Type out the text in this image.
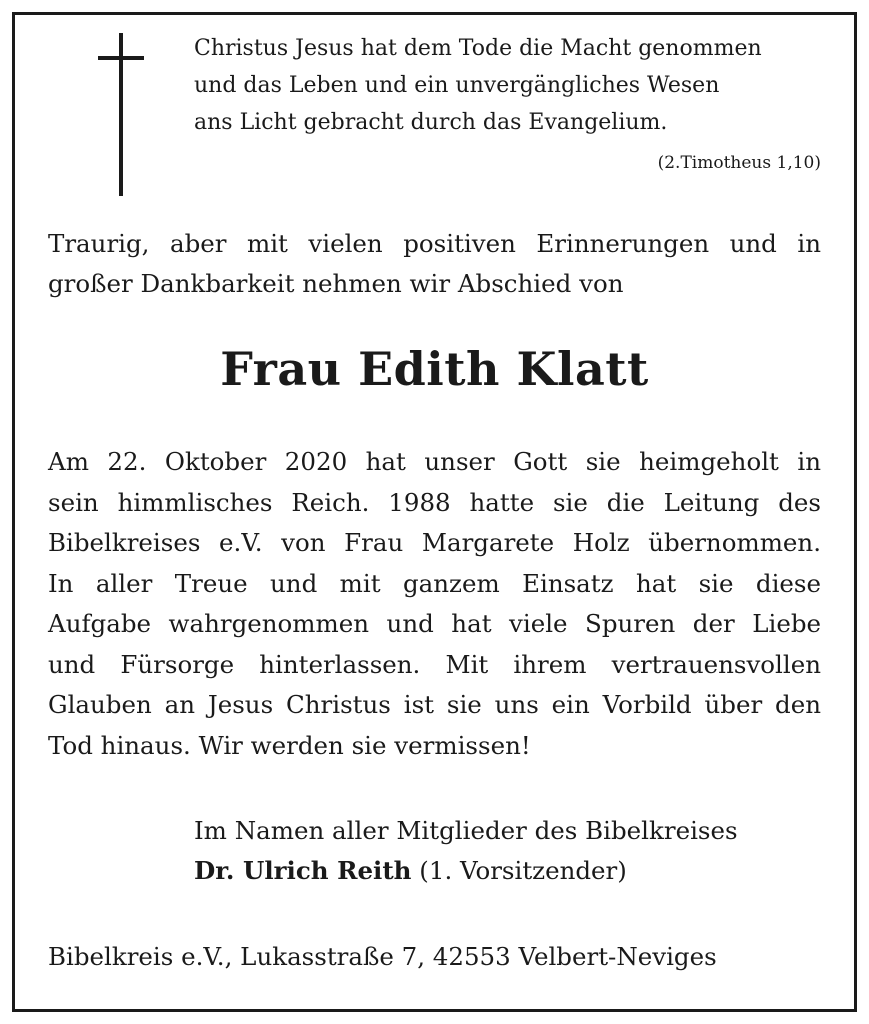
Christus Jesus hat dem Tode die Macht genommen
und das Leben und ein unvergängliches Wesen
ans Licht gebracht durch das Evangelium.
(2.Timotheus 1,10)
Traurig, aber mit vielen positiven Erinnerungen und in
großer Dankbarkeit nehmen wir Abschied von
Frau Edith Klatt
Am 22. Oktober 2020 hat unser Gott sie heimgeholt in
sein himmlisches Reich. 1988 hatte sie die Leitung des
Bibelkreises e.V. von Frau Margarete Holz übernommen.
In aller Treue und mit ganzem Einsatz hat sie diese
Aufgabe wahrgenommen und hat viele Spuren der Liebe
und Fürsorge hinterlassen. Mit ihrem vertrauensvollen
Glauben an Jesus Christus ist sie uns ein Vorbild über den
Tod hinaus. Wir werden sie vermissen!
Im Namen aller Mitglieder des Bibelkreises
Dr. Ulrich Reith (1. Vorsitzender)
Bibelkreis e.V., Lukasstraße 7, 42553 Velbert-Neviges
